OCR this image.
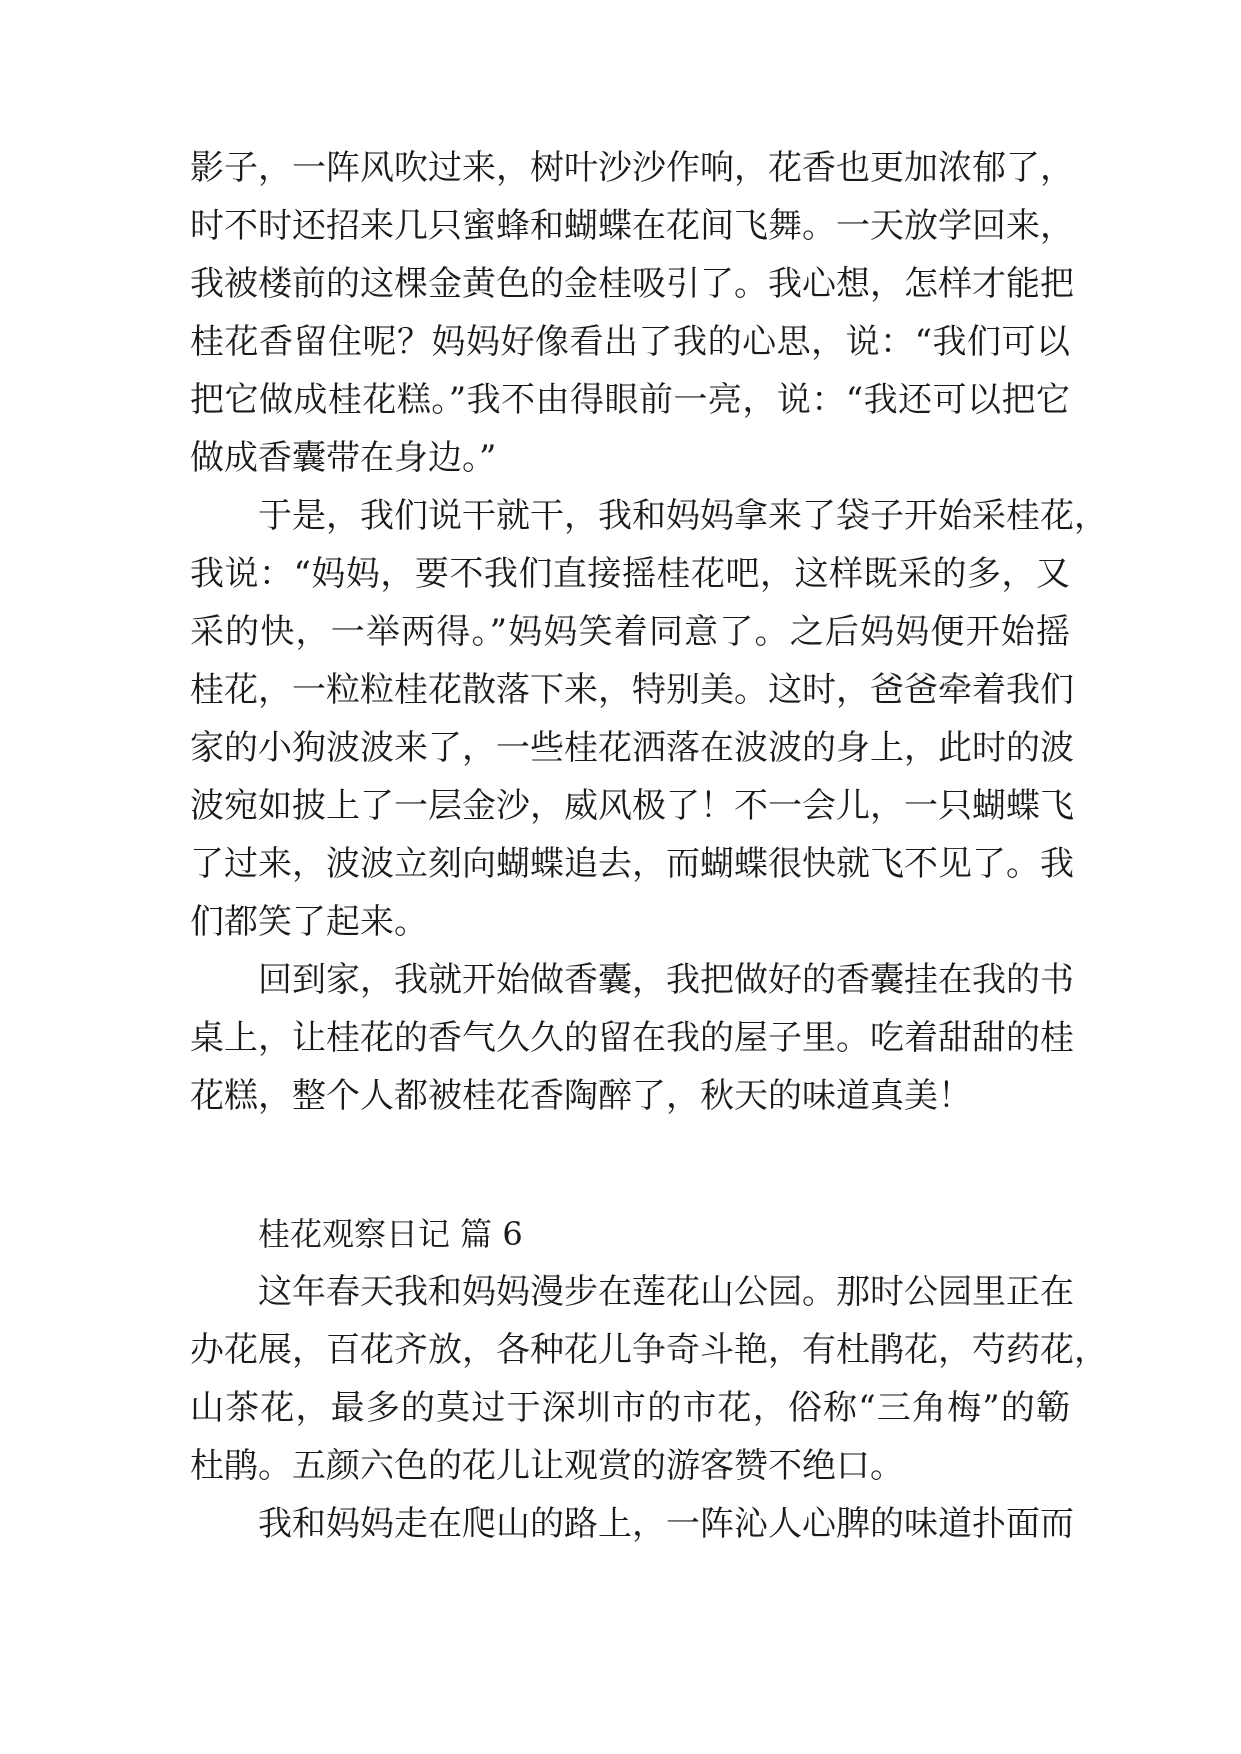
影子，一阵风吹过来，树叶沙沙作响，花香也更加浓郁了，
时不时还招来几只蜜蜂和蝴蝶在花间飞舞。一天放学回来，
我被楼前的这棵金黄色的金桂吸引了。我心想，怎样才能把
桂花香留住呢？妈妈好像看出了我的心思，说：“我们可以
把它做成桂花糕。”我不由得眼前一亮，说：“我还可以把它
做成香囊带在身边。”
于是，我们说干就干，我和妈妈拿来了袋子开始采桂花，
我说：“妈妈，要不我们直接摇桂花吧，这样既采的多，又
采的快，一举两得。”妈妈笑着同意了。之后妈妈便开始摇
桂花，一粒粒桂花散落下来，特别美。这时，爸爸牵着我们
家的小狗波波来了，一些桂花洒落在波波的身上，此时的波
波宛如披上了一层金沙，威风极了！不一会儿，一只蝴蝶飞
了过来，波波立刻向蝴蝶追去，而蝴蝶很快就飞不见了。我
们都笑了起来。
回到家，我就开始做香囊，我把做好的香囊挂在我的书
桌上，让桂花的香气久久的留在我的屋子里。吃着甜甜的桂
花糕，整个人都被桂花香陶醉了，秋天的味道真美！
桂花观察日记 篇 6
这年春天我和妈妈漫步在莲花山公园。那时公园里正在
办花展，百花齐放，各种花儿争奇斗艳，有杜鹃花，芍药花，
山茶花，最多的莫过于深圳市的市花，俗称“三角梅”的簕
杜鹃。五颜六色的花儿让观赏的游客赞不绝口。
我和妈妈走在爬山的路上，一阵沁人心脾的味道扑面而
